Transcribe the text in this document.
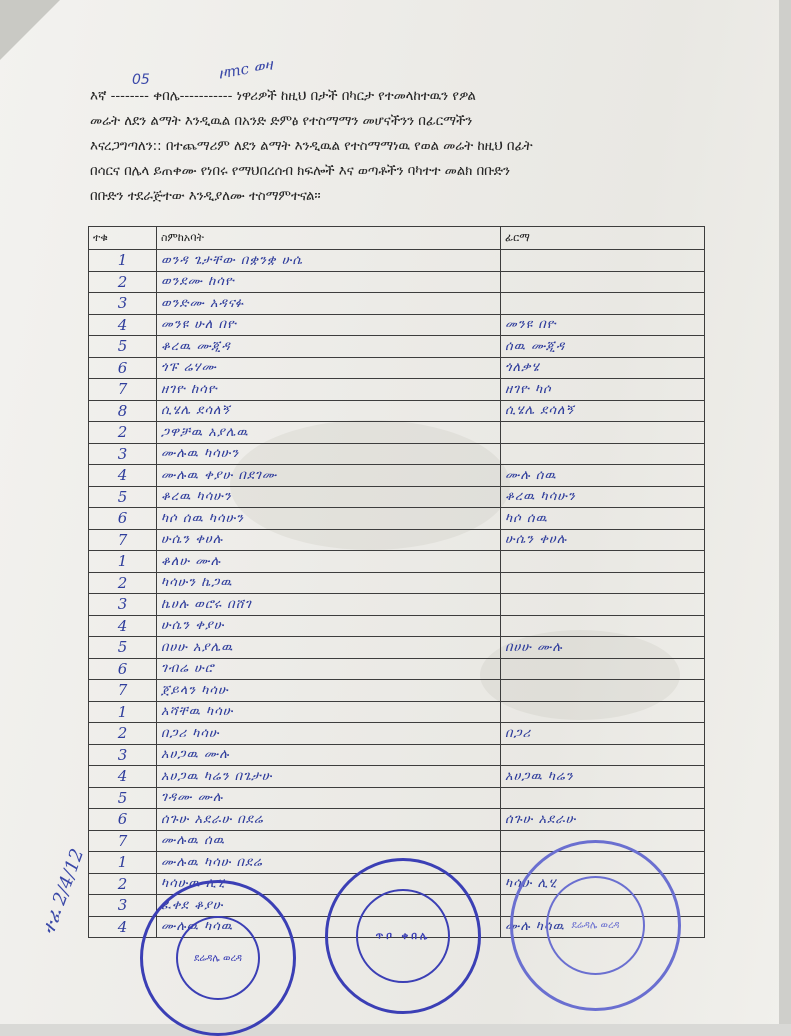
05	ዞmc ወዛ
እኛ -------- ቀበሌ----------- ነዋሪዎች ከዚህ በታች በካርታ የተመላከተዉን የዎል
መሬት ለደን ልማት እንዲዉል በአንድ ድምፅ የተስማማን መሆናችንን በፊርማችን
እናረጋግጣለን:: በተጨማሪም ለደን ልማት እንዲዉል የተስማማነዉ የወል መሬት ከዚህ በፊት
በሳርና በሌላ ይጠቀሙ የነበሩ የማህበረሰብ ክፍሎች እና ወጣቶችን ባካተተ መልክ በቡድን
በቡድን ተደራጅተው እንዲያለሙ ተስማምተናል።
ተቁ	ስምከአባት	ፊርማ
1	ወንዳ ጌታቸው በቋንቋ ሁሴ	
2	ወንደሙ ከሳዮ	
3	ወንድሙ አዳናፉ	
4	መንዩ ሁለ በዮ	መንዩ በዮ
5	ቆረዉ ሙጂዳ	ሰዉ ሙጂዳ
6	ጎፑ ሬሃሙ	ጎለቃሄ
7	ዘገዮ ከሳዮ	ዘገዮ ካሶ
8	ሲሄሌ ደሳለኝ	ሲሄሌ ደሳለኝ
2	ጋዋቻዉ አያሌዉ	
3	ሙሉዉ ካሳሁን	
4	ሙሉዉ ቀያሁ በደገሙ	ሙሉ ሰዉ
5	ቆረዉ ካሳሁን	ቆረዉ ካሳሁን
6	ካሶ ሰዉ ካሳሁን	ካሶ ሰዉ
7	ሁሴን ቀሀሉ	ሁሴን ቀሀሉ
1	ቆለሁ ሙሉ	
2	ካሳሁን ኬጋዉ	
3	ኬሀሉ ወሮሩ በሸገ	
4	ሁሴን ቀያሁ	
5	በሀሁ አያሌዉ	በሀሁ ሙሉ
6	ገብሬ ሁሮ	
7	ጀይላን ካሳሁ	
1	አሻቸዉ ካሳሁ	
2	በጋሪ ካሳሁ	በጋሪ
3	አሀጋዉ ሙሉ	
4	አሀጋዉ ካሬን በጌታሁ	አሀጋዉ ካሬን
5	ገዳሙ ሙሉ	
6	ሰጉሁ አደራሁ በደሬ	ሰጉሁ አደራሁ
7	ሙሉዉ ሰዉ	
1	ሙሉዉ ካሳሁ በደሬ	
2	ካሳሁዉ ሊሂ	ካሳሁ ሊሂ
3	ፈቀደ ቆያሁ	
4	ሙሉዉ ካሳዉ	ሙሉ ካሳዉ
ደሬዳሌ ወረዳ
ጥቦ ቀበሌ
ደሬዳሌ ወረዳ
ተፈ 2/4/12
